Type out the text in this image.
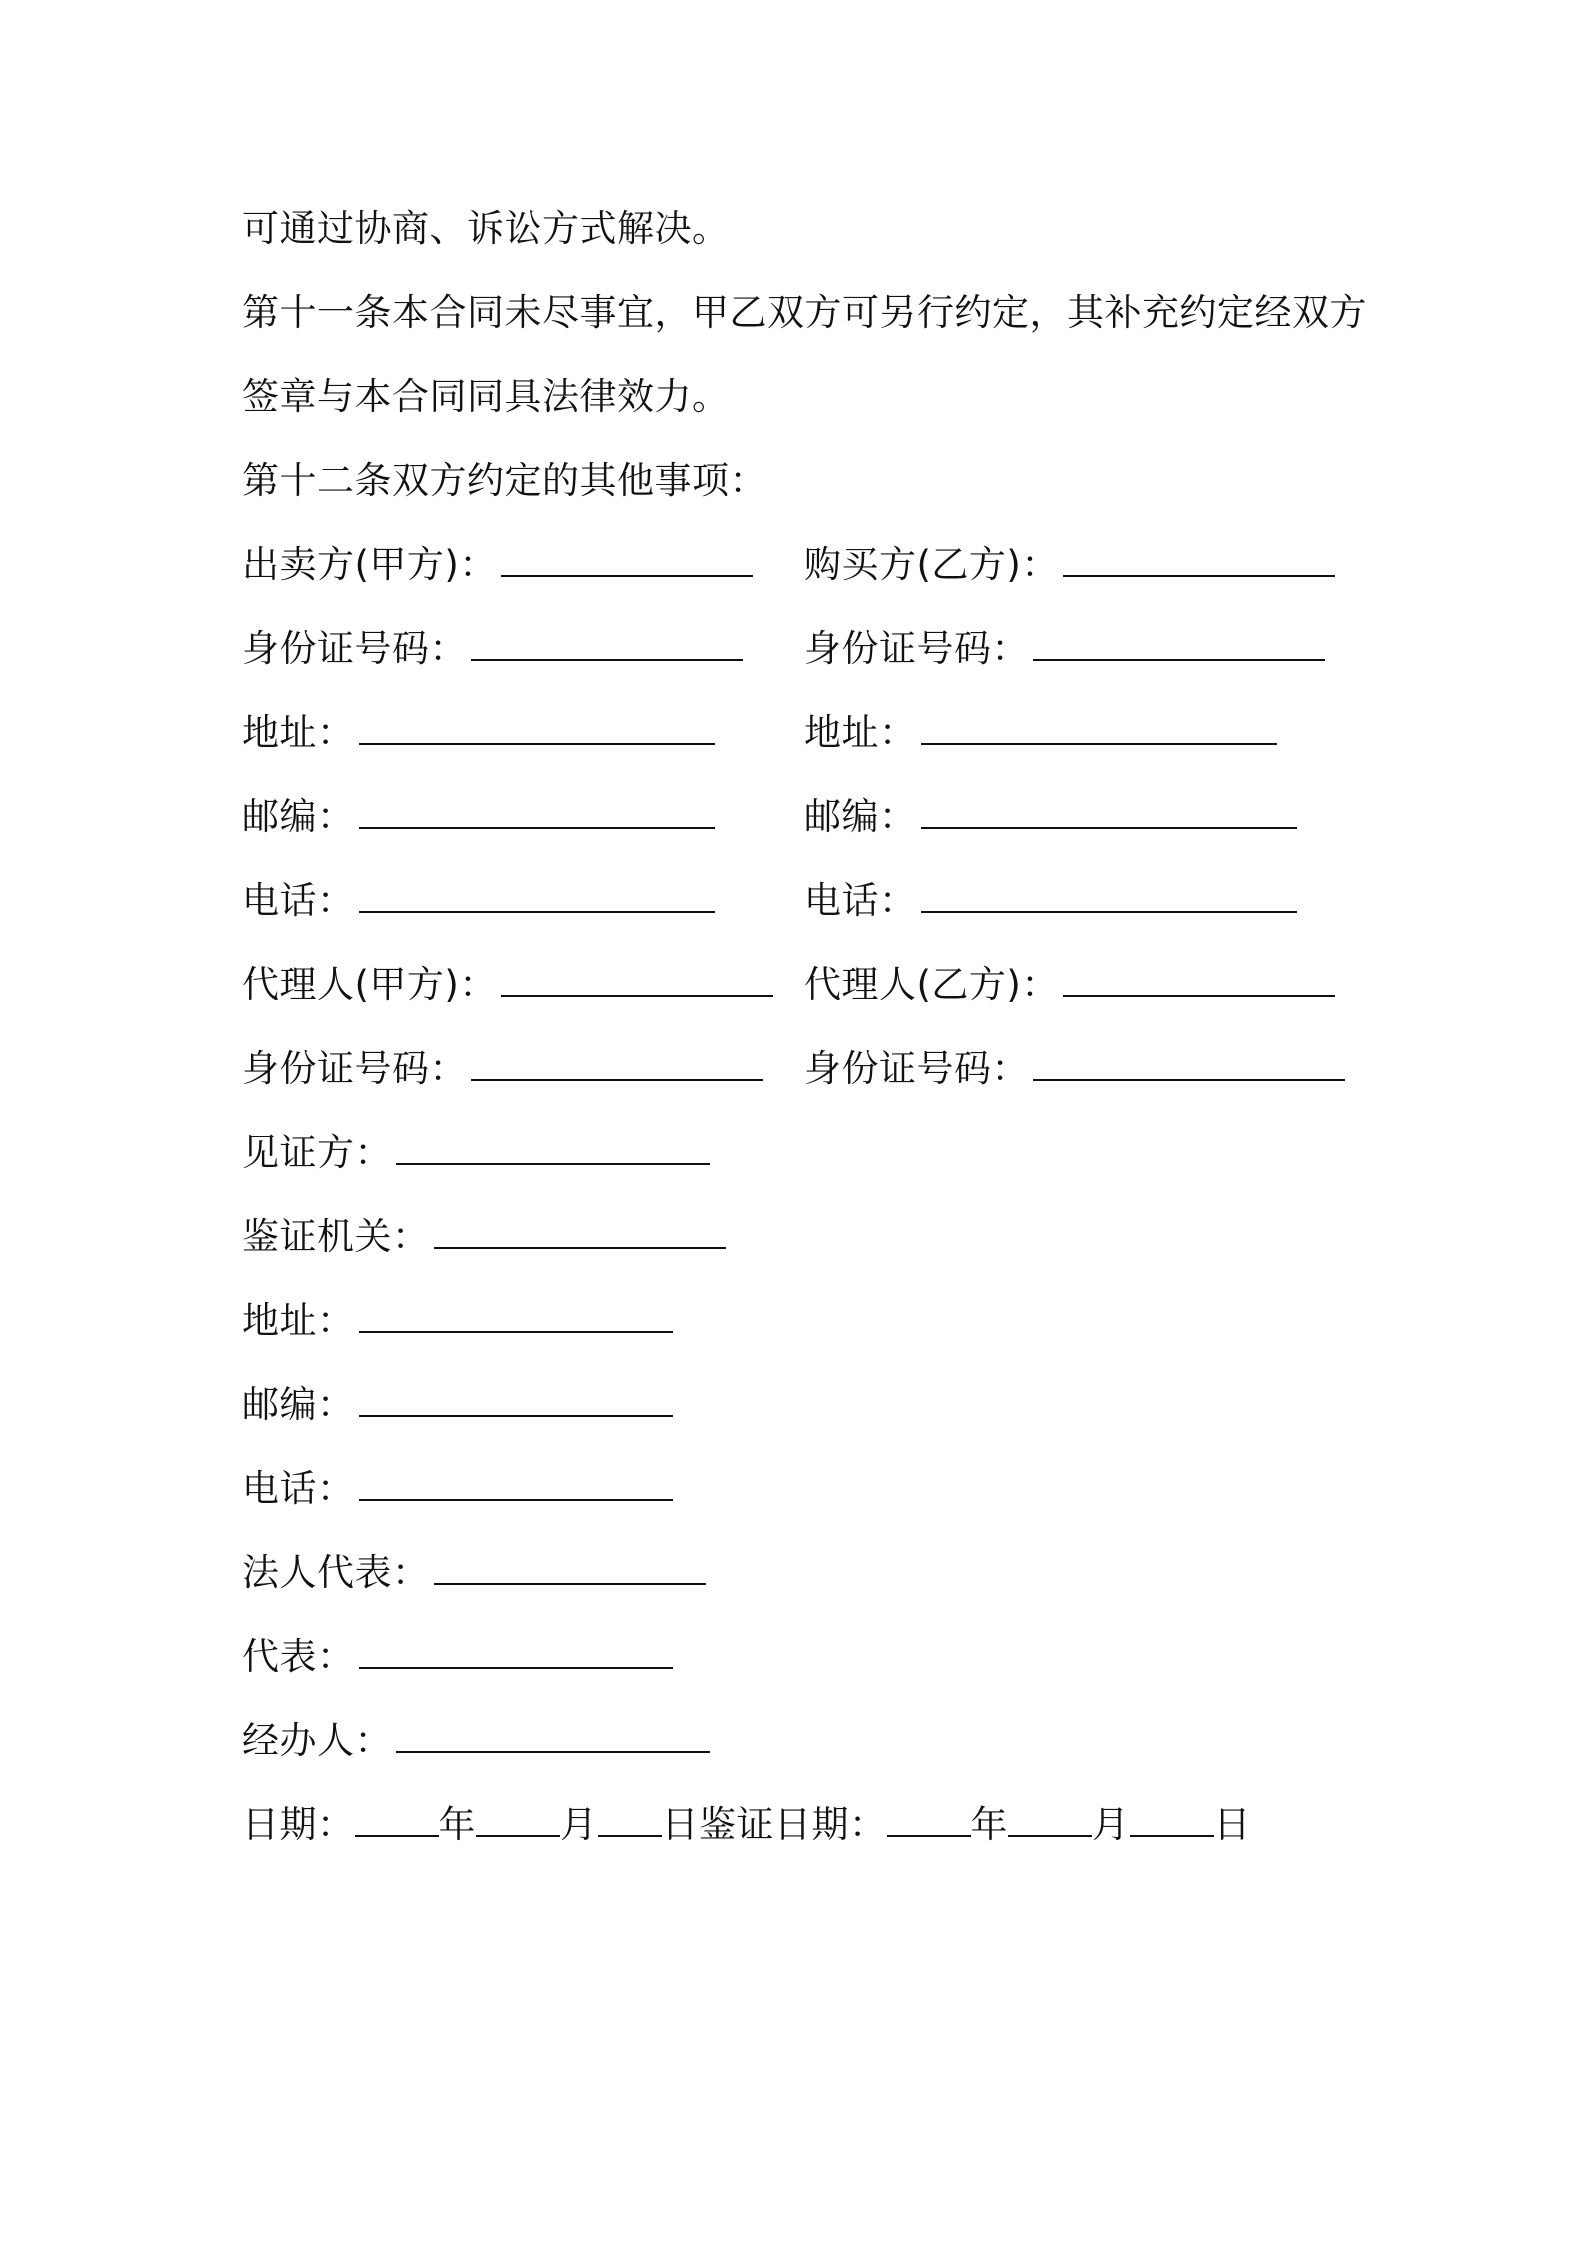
可通过协商、诉讼方式解决。
第十一条本合同未尽事宜，甲乙双方可另行约定，其补充约定经双方
签章与本合同同具法律效力。
第十二条双方约定的其他事项：
出卖方(甲方)：	购买方(乙方)：
身份证号码：	身份证号码：
地址：	地址：
邮编：	邮编：
电话：	电话：
代理人(甲方)：	代理人(乙方)：
身份证号码：	身份证号码：
见证方：
鉴证机关：
地址：
邮编：
电话：
法人代表：
代表：
经办人：
日期： 年 月 日鉴证日期： 年 月 日
